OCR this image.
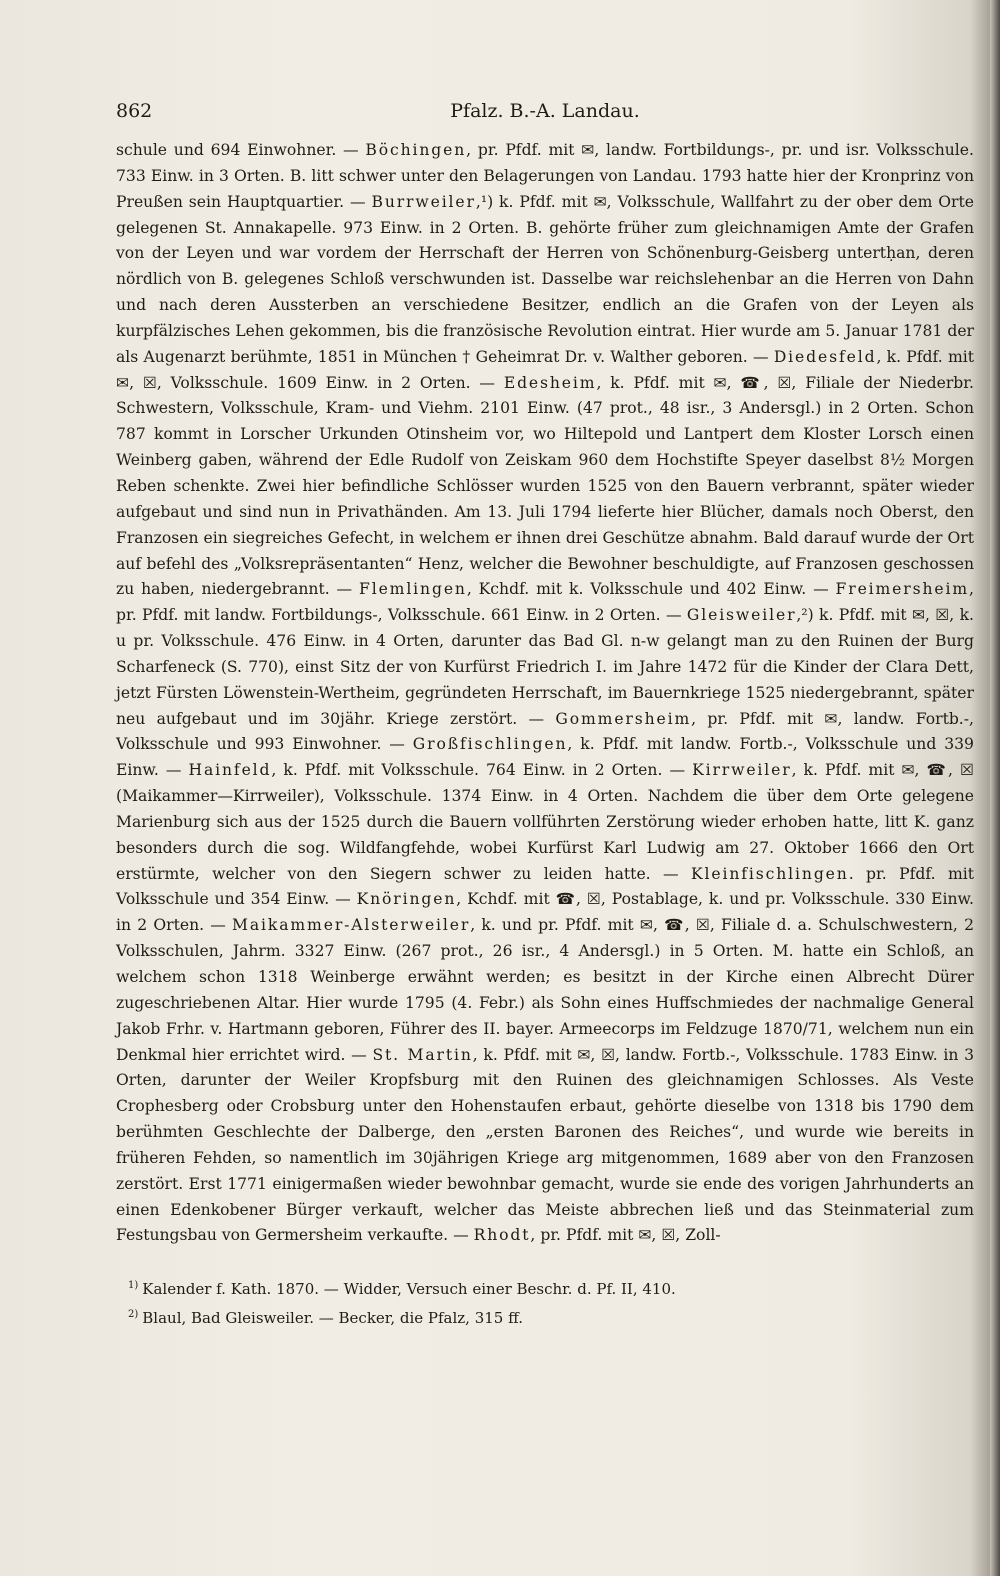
862	Pfalz. B.-A. Landau.
schule und 694 Einwohner. — Böchingen, pr. Pfdf. mit ✉, landw. Fortbildungs-, pr. und isr. Volksschule. 733 Einw. in 3 Orten. B. litt schwer unter den Belagerungen von Landau. 1793 hatte hier der Kronprinz von Preußen sein Hauptquartier. — Burrweiler,¹) k. Pfdf. mit ✉, Volksschule, Wallfahrt zu der ober dem Orte gelegenen St. Annakapelle. 973 Einw. in 2 Orten. B. gehörte früher zum gleichnamigen Amte der Grafen von der Leyen und war vordem der Herrschaft der Herren von Schönenburg-Geisberg untertḥan, deren nördlich von B. gelegenes Schloß verschwunden ist. Dasselbe war reichslehenbar an die Herren von Dahn und nach deren Aussterben an verschiedene Besitzer, endlich an die Grafen von der Leyen als kurpfälzisches Lehen gekommen, bis die französische Revolution eintrat. Hier wurde am 5. Januar 1781 der als Augenarzt berühmte, 1851 in München † Geheimrat Dr. v. Walther geboren. — Diedesfeld, k. Pfdf. mit ✉, ☒, Volksschule. 1609 Einw. in 2 Orten. — Edesheim, k. Pfdf. mit ✉, ☎, ☒, Filiale der Niederbr. Schwestern, Volksschule, Kram- und Viehm. 2101 Einw. (47 prot., 48 isr., 3 Andersgl.) in 2 Orten. Schon 787 kommt in Lorscher Urkunden Otinsheim vor, wo Hiltepold und Lantpert dem Kloster Lorsch einen Weinberg gaben, während der Edle Rudolf von Zeiskam 960 dem Hochstifte Speyer daselbst 8½ Morgen Reben schenkte. Zwei hier befindliche Schlösser wurden 1525 von den Bauern verbrannt, später wieder aufgebaut und sind nun in Privathänden. Am 13. Juli 1794 lieferte hier Blücher, damals noch Oberst, den Franzosen ein siegreiches Gefecht, in welchem er ihnen drei Geschütze abnahm. Bald darauf wurde der Ort auf befehl des „Volksrepräsentanten“ Henz, welcher die Bewohner beschuldigte, auf Franzosen geschossen zu haben, niedergebrannt. — Flemlingen, Kchdf. mit k. Volksschule und 402 Einw. — Freimersheim, pr. Pfdf. mit landw. Fortbildungs-, Volksschule. 661 Einw. in 2 Orten. — Gleisweiler,²) k. Pfdf. mit ✉, ☒, k. u pr. Volksschule. 476 Einw. in 4 Orten, darunter das Bad Gl. n-w gelangt man zu den Ruinen der Burg Scharfeneck (S. 770), einst Sitz der von Kurfürst Friedrich I. im Jahre 1472 für die Kinder der Clara Dett, jetzt Fürsten Löwenstein-Wertheim, gegründeten Herrschaft, im Bauernkriege 1525 niedergebrannt, später neu aufgebaut und im 30jähr. Kriege zerstört. — Gommersheim, pr. Pfdf. mit ✉, landw. Fortb.-, Volksschule und 993 Einwohner. — Großfischlingen, k. Pfdf. mit landw. Fortb.-, Volksschule und 339 Einw. — Hainfeld, k. Pfdf. mit Volksschule. 764 Einw. in 2 Orten. — Kirrweiler, k. Pfdf. mit ✉, ☎, ☒ (Maikammer—Kirrweiler), Volksschule. 1374 Einw. in 4 Orten. Nachdem die über dem Orte gelegene Marienburg sich aus der 1525 durch die Bauern vollführten Zerstörung wieder erhoben hatte, litt K. ganz besonders durch die sog. Wildfangfehde, wobei Kurfürst Karl Ludwig am 27. Oktober 1666 den Ort erstürmte, welcher von den Siegern schwer zu leiden hatte. — Kleinfischlingen. pr. Pfdf. mit Volksschule und 354 Einw. — Knöringen, Kchdf. mit ☎, ☒, Postablage, k. und pr. Volksschule. 330 Einw. in 2 Orten. — Maikammer-Alsterweiler, k. und pr. Pfdf. mit ✉, ☎, ☒, Filiale d. a. Schulschwestern, 2 Volksschulen, Jahrm. 3327 Einw. (267 prot., 26 isr., 4 Andersgl.) in 5 Orten. M. hatte ein Schloß, an welchem schon 1318 Weinberge erwähnt werden; es besitzt in der Kirche einen Albrecht Dürer zugeschriebenen Altar. Hier wurde 1795 (4. Febr.) als Sohn eines Huffschmiedes der nachmalige General Jakob Frhr. v. Hartmann geboren, Führer des II. bayer. Armeecorps im Feldzuge 1870/71, welchem nun ein Denkmal hier errichtet wird. — St. Martin, k. Pfdf. mit ✉, ☒, landw. Fortb.-, Volksschule. 1783 Einw. in 3 Orten, darunter der Weiler Kropfsburg mit den Ruinen des gleichnamigen Schlosses. Als Veste Crophesberg oder Crobsburg unter den Hohenstaufen erbaut, gehörte dieselbe von 1318 bis 1790 dem berühmten Geschlechte der Dalberge, den „ersten Baronen des Reiches“, und wurde wie bereits in früheren Fehden, so namentlich im 30jährigen Kriege arg mitgenommen, 1689 aber von den Franzosen zerstört. Erst 1771 einigermaßen wieder bewohnbar gemacht, wurde sie ende des vorigen Jahrhunderts an einen Edenkobener Bürger verkauft, welcher das Meiste abbrechen ließ und das Steinmaterial zum Festungsbau von Germersheim verkaufte. — Rhodt, pr. Pfdf. mit ✉, ☒, Zoll-
$^{1)}$ Kalender f. Kath. 1870. — Widder, Versuch einer Beschr. d. Pf. II, 410.
$^{2)}$ Blaul, Bad Gleisweiler. — Becker, die Pfalz, 315 ff.
